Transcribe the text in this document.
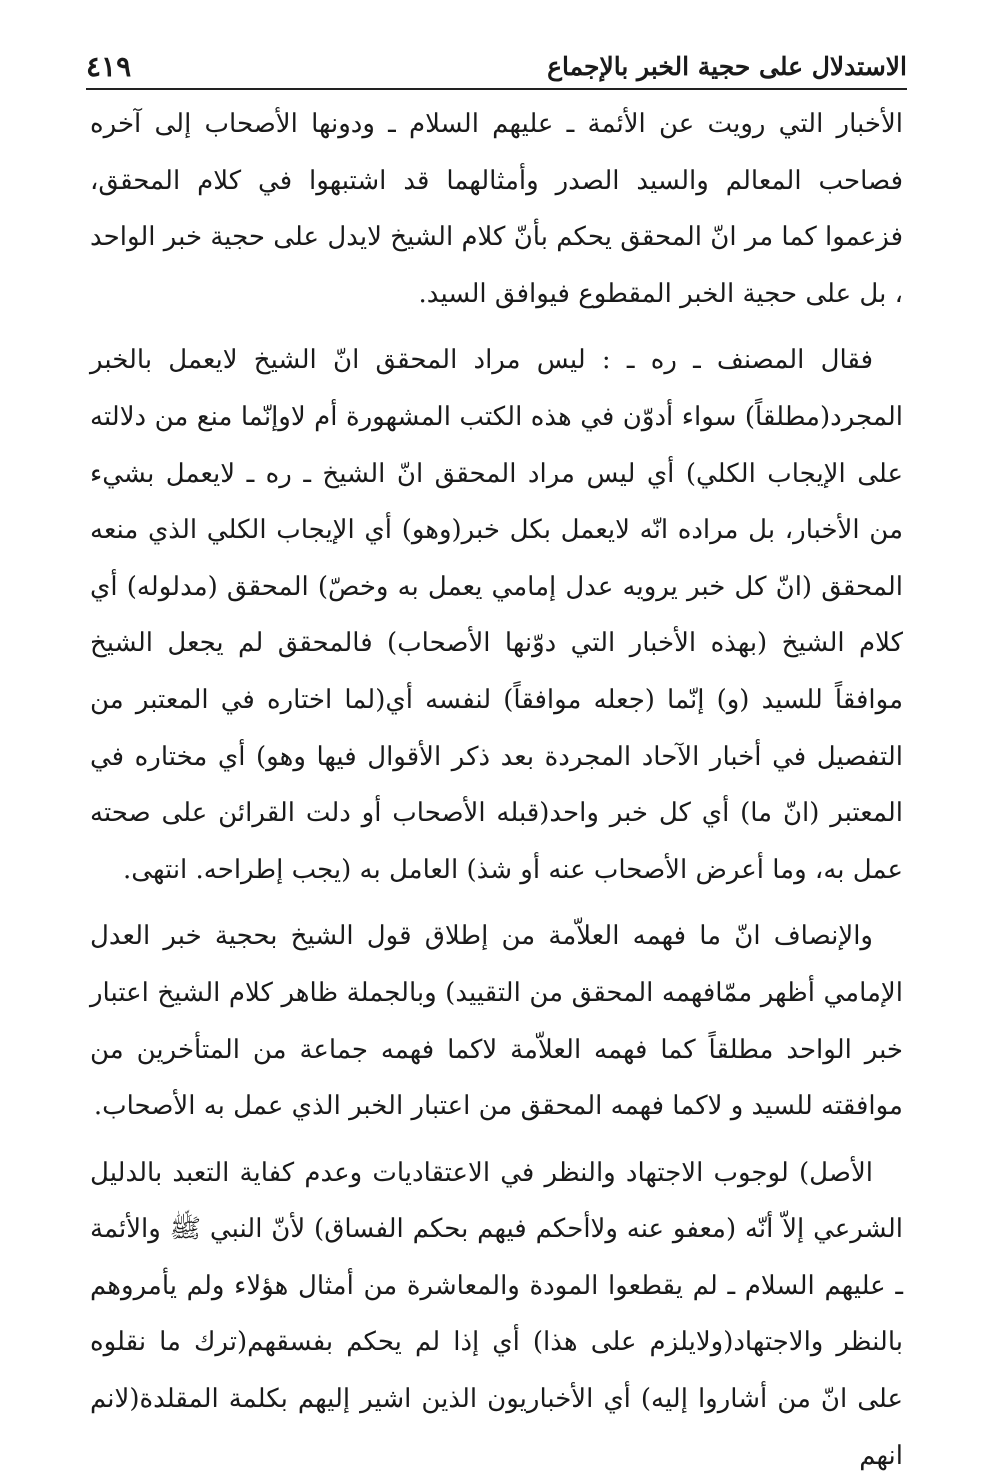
الاستدلال على حجية الخبر بالإجماع
٤١٩

الأخبار التي رويت عن الأئمة ـ عليهم السلام ـ ودونها الأصحاب إلى آخره فصاحب المعالم والسيد الصدر وأمثالهما قد اشتبهوا في كلام المحقق، فزعموا كما مر انّ المحقق يحكم بأنّ كلام الشيخ لايدل على حجية خبر الواحد ، بل على حجية الخبر المقطوع فيوافق السيد.

فقال المصنف ـ ره ـ : ليس مراد المحقق انّ الشيخ لايعمل بالخبر المجرد(مطلقاً) سواء أدوّن في هذه الكتب المشهورة أم لاوإنّما منع من دلالته على الإيجاب الكلي) أي ليس مراد المحقق انّ الشيخ ـ ره ـ لايعمل بشيء من الأخبار، بل مراده انّه لايعمل بكل خبر(وهو) أي الإيجاب الكلي الذي منعه المحقق (انّ كل خبر يرويه عدل إمامي يعمل به وخصّ) المحقق (مدلوله) أي كلام الشيخ (بهذه الأخبار التي دوّنها الأصحاب) فالمحقق لم يجعل الشيخ موافقاً للسيد (و) إنّما (جعله موافقاً) لنفسه أي(لما اختاره في المعتبر من التفصيل في أخبار الآحاد المجردة بعد ذكر الأقوال فيها وهو) أي مختاره في المعتبر (انّ ما) أي كل خبر واحد(قبله الأصحاب أو دلت القرائن على صحته عمل به، وما أعرض الأصحاب عنه أو شذ) العامل به (يجب إطراحه. انتهى.

والإنصاف انّ ما فهمه العلاّمة من إطلاق قول الشيخ بحجية خبر العدل الإمامي أظهر ممّافهمه المحقق من التقييد) وبالجملة ظاهر كلام الشيخ اعتبار خبر الواحد مطلقاً كما فهمه العلاّمة لاكما فهمه جماعة من المتأخرين من موافقته للسيد و لاكما فهمه المحقق من اعتبار الخبر الذي عمل به الأصحاب.

الأصل) لوجوب الاجتهاد والنظر في الاعتقاديات وعدم كفاية التعبد بالدليل الشرعي إلاّ أنّه (معفو عنه ولاأحكم فيهم بحكم الفساق) لأنّ النبي ﷺ والأئمة ـ عليهم السلام ـ لم يقطعوا المودة والمعاشرة من أمثال هؤلاء ولم يأمروهم بالنظر والاجتهاد(ولايلزم على هذا) أي إذا لم يحكم بفسقهم(ترك ما نقلوه على انّ من أشاروا إليه) أي الأخباريون الذين اشير إليهم بكلمة المقلدة(لانم انهم
